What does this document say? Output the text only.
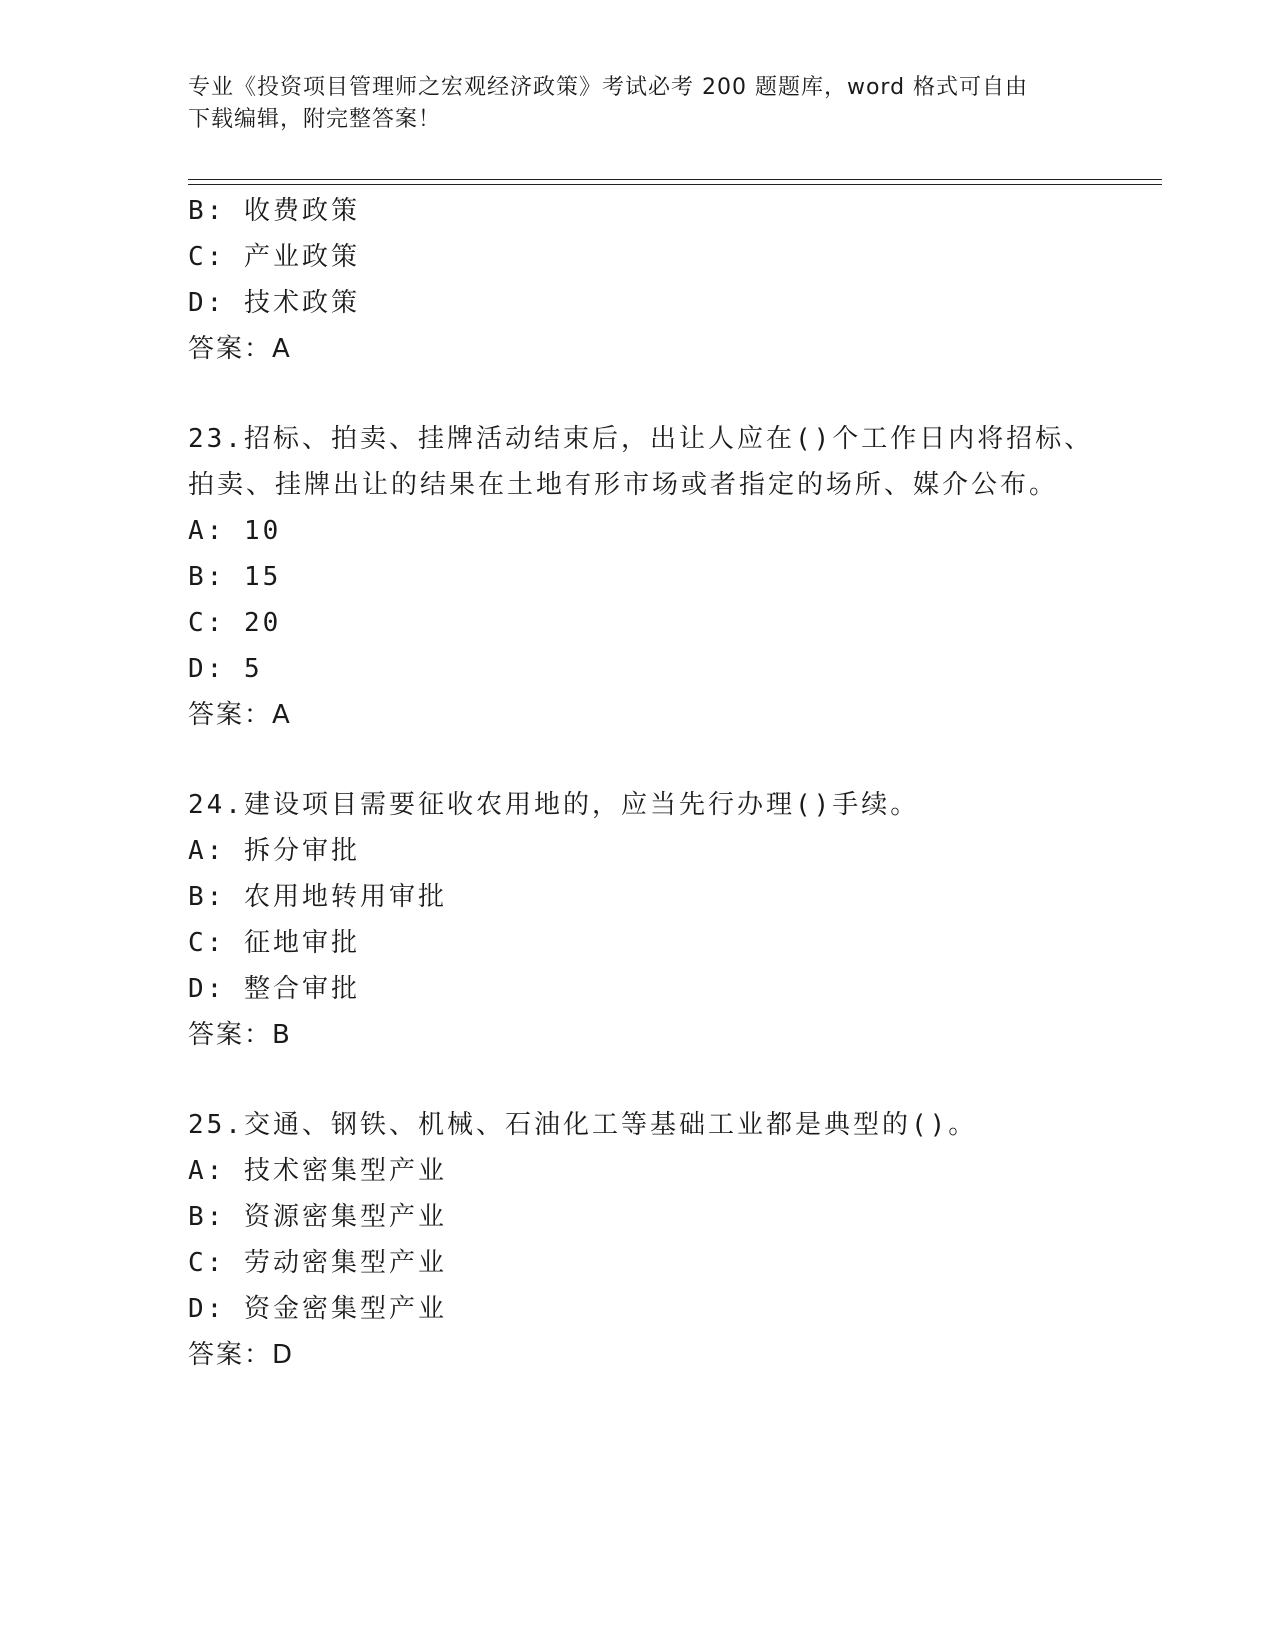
专业《投资项目管理师之宏观经济政策》考试必考 200 题题库，word 格式可自由
下载编辑，附完整答案！
B: 收费政策
C: 产业政策
D: 技术政策
答案：A
23.招标、拍卖、挂牌活动结束后，出让人应在()个工作日内将招标、
拍卖、挂牌出让的结果在土地有形市场或者指定的场所、媒介公布。
A: 10
B: 15
C: 20
D: 5
答案：A
24.建设项目需要征收农用地的，应当先行办理()手续。
A: 拆分审批
B: 农用地转用审批
C: 征地审批
D: 整合审批
答案：B
25.交通、钢铁、机械、石油化工等基础工业都是典型的()。
A: 技术密集型产业
B: 资源密集型产业
C: 劳动密集型产业
D: 资金密集型产业
答案：D
